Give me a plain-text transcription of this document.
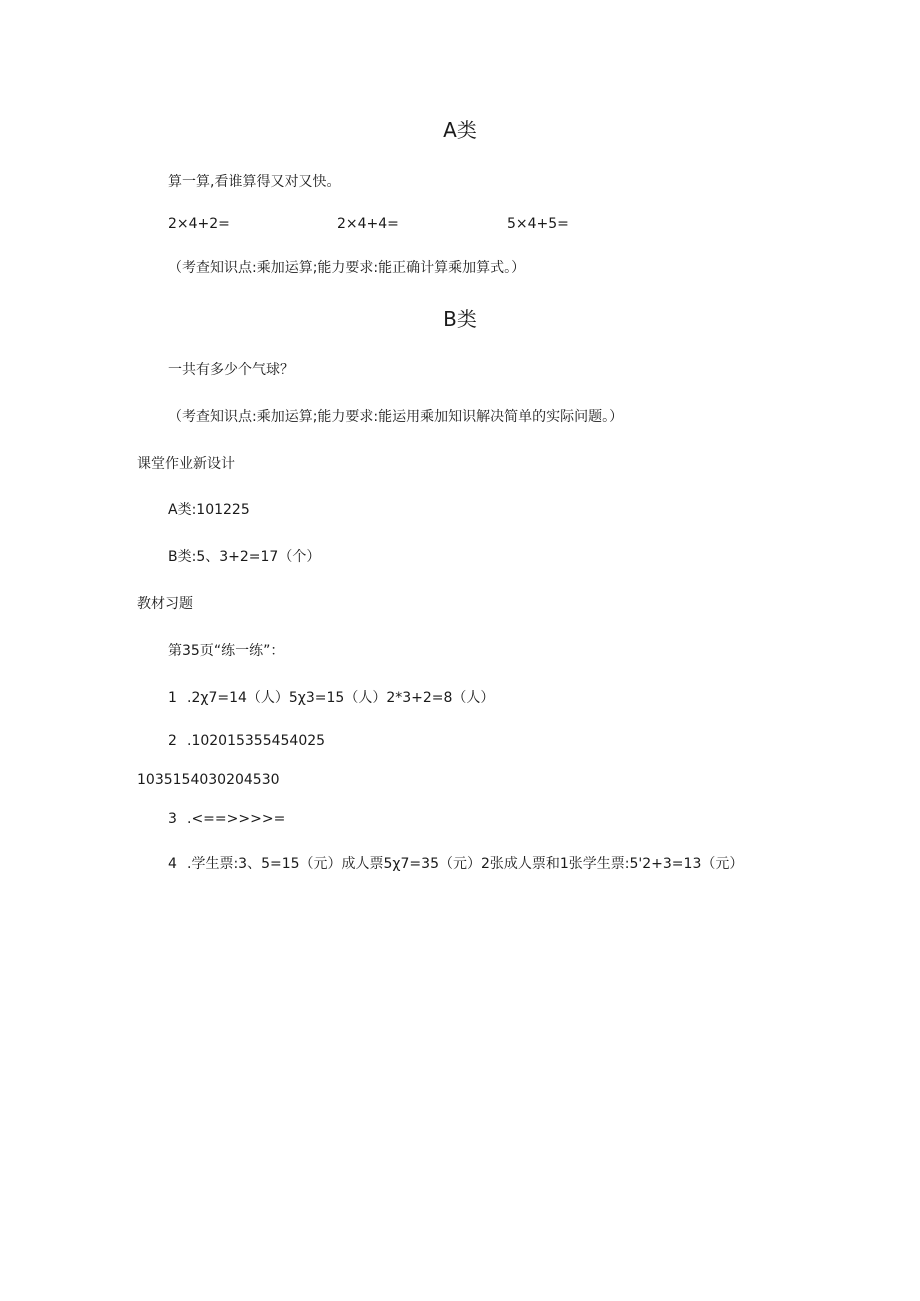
A类
算一算,看谁算得又对又快。
2×4+2=	2×4+4=	5×4+5=
（考查知识点:乘加运算;能力要求:能正确计算乘加算式。）
B类
一共有多少个气球？
（考查知识点:乘加运算;能力要求:能运用乘加知识解决简单的实际问题。）
课堂作业新设计
A类:101225
B类:5、3+2=17（个）
教材习题
第35页“练一练”：
1 .2χ7=14（人）5χ3=15（人）2*3+2=8（人）
2 .102015355454025
1035154030204530
3 .<==>>>>=
4 .学生票:3、5=15（元）成人票5χ7=35（元）2张成人票和1张学生票:5'2+3=13（元）
